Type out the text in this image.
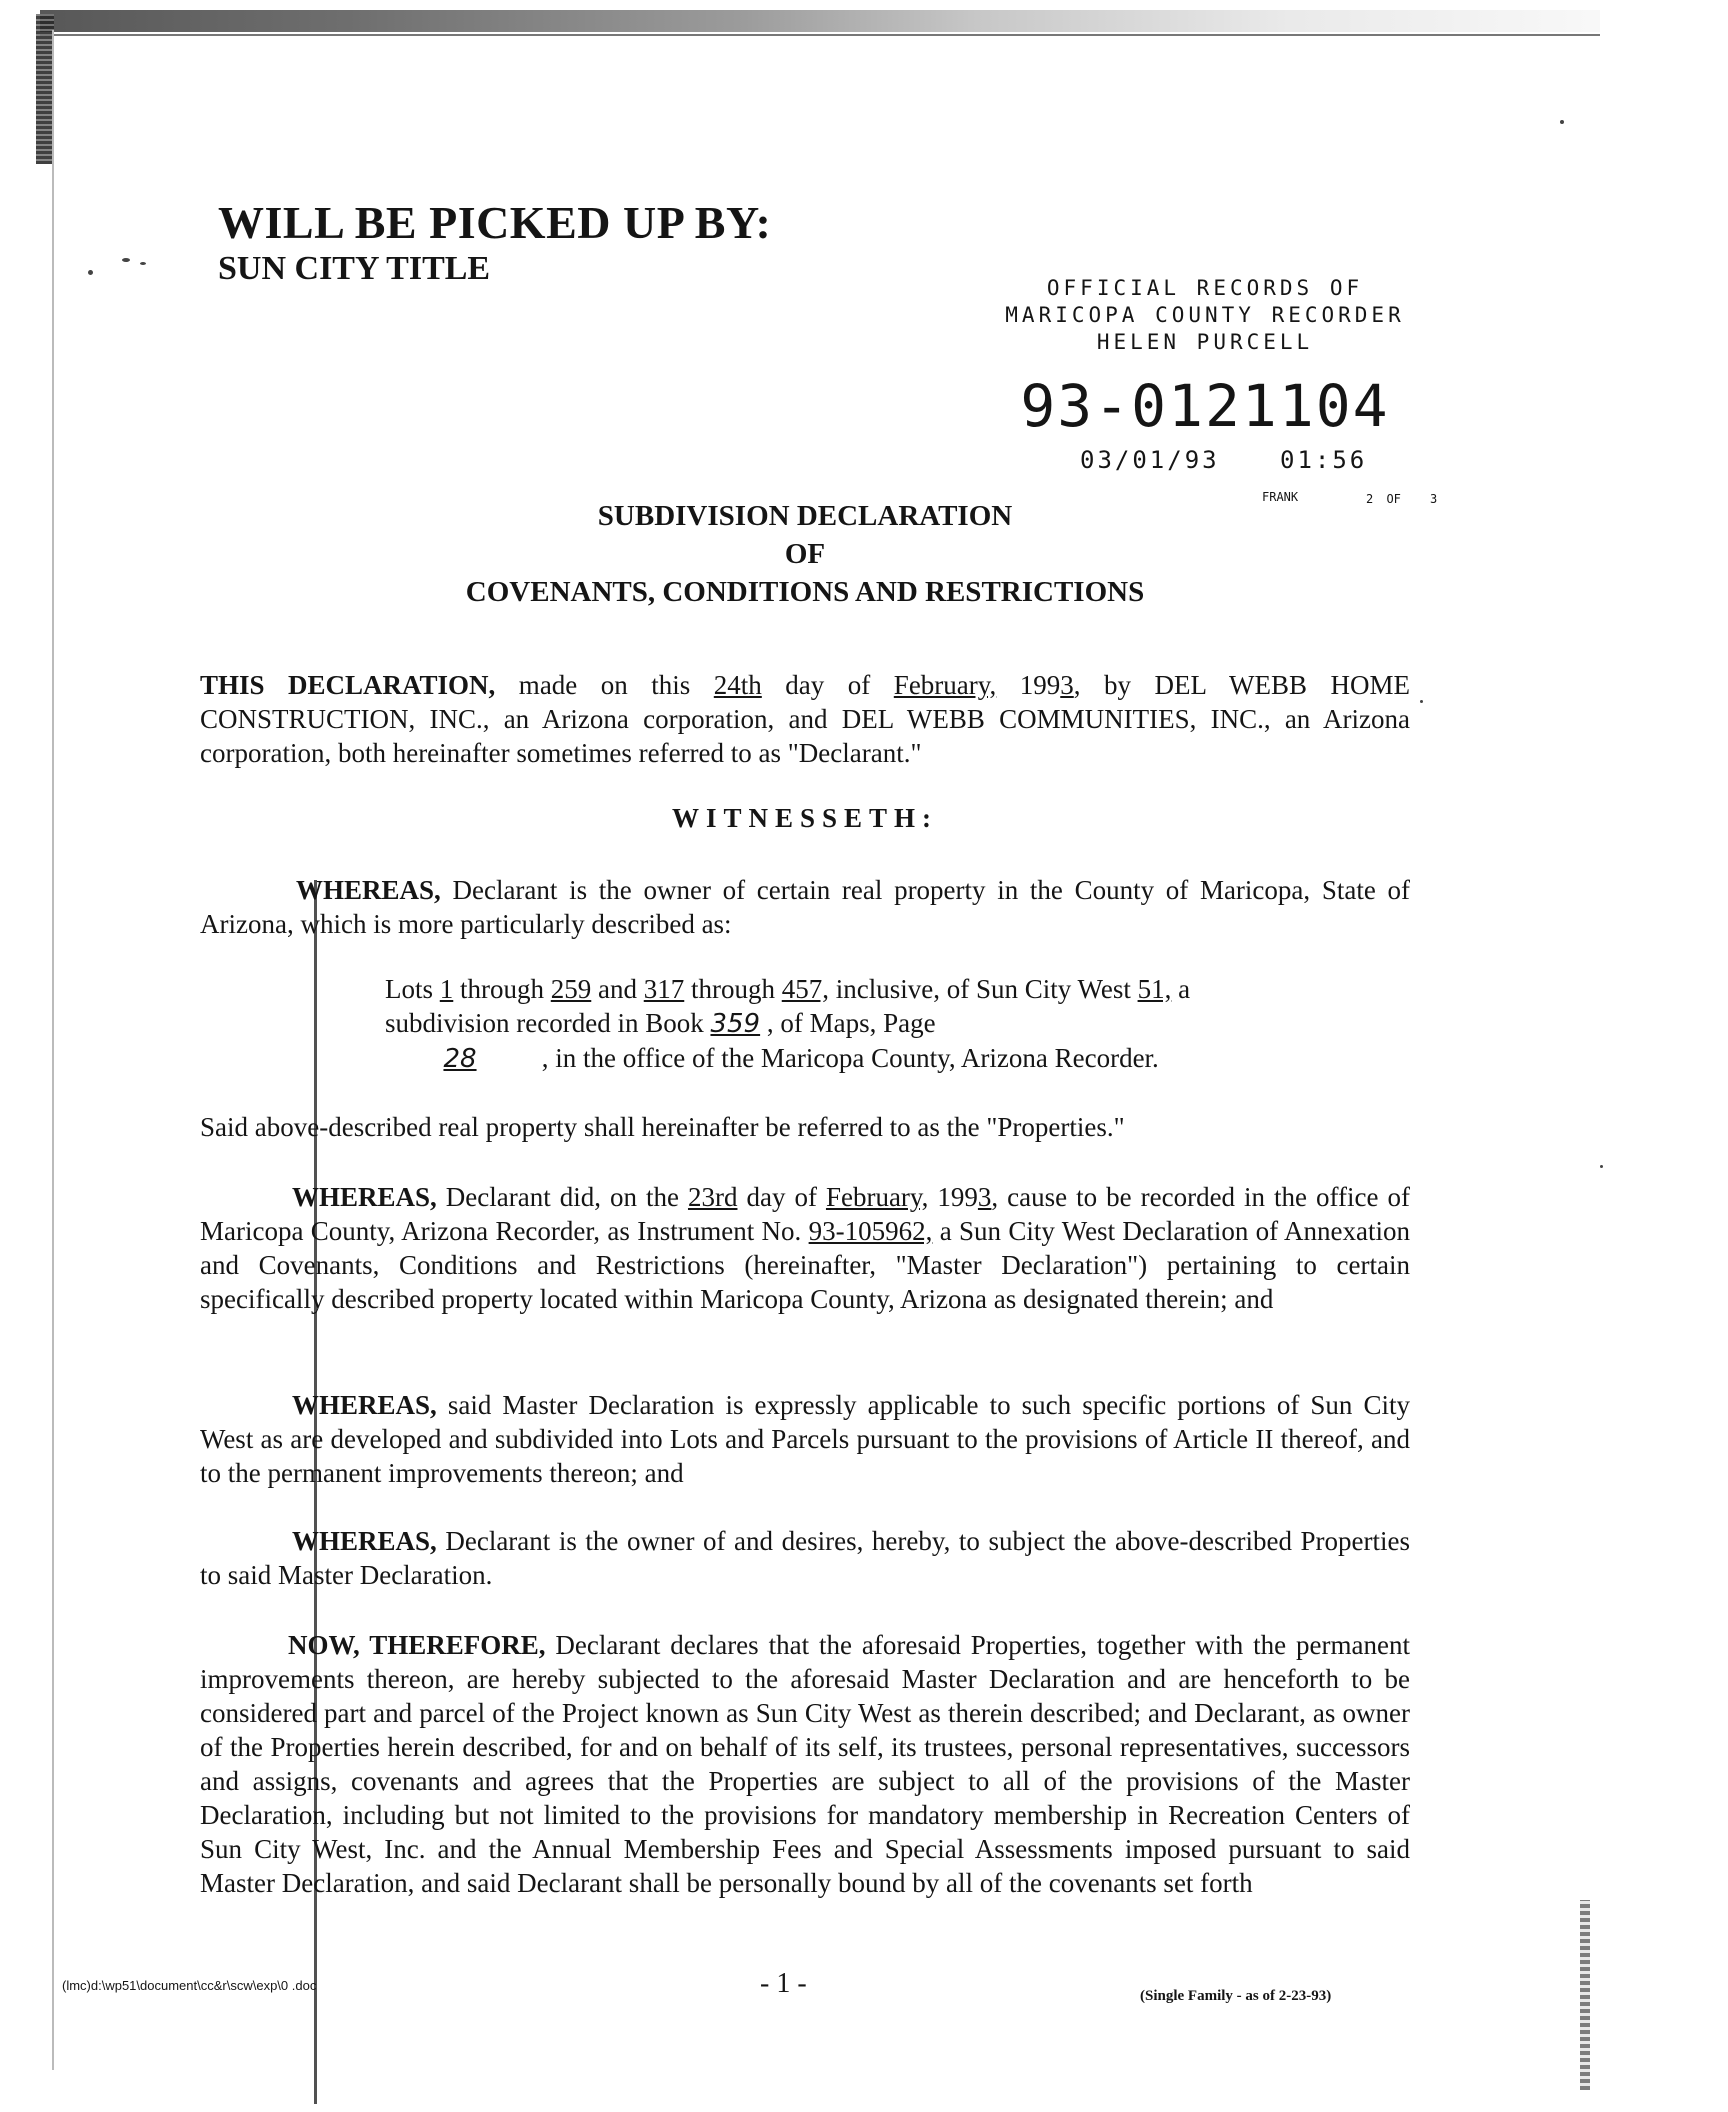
WILL BE PICKED UP BY:
SUN CITY TITLE
OFFICIAL RECORDS OF
MARICOPA COUNTY RECORDER
HELEN PURCELL
93-0121104
03/01/93	01:56
FRANK	2 OF 3
SUBDIVISION DECLARATION
OF
COVENANTS, CONDITIONS AND RESTRICTIONS
THIS DECLARATION, made on this 24th day of February, 1993, by DEL WEBB HOME CONSTRUCTION, INC., an Arizona corporation, and DEL WEBB COMMUNITIES, INC., an Arizona corporation, both hereinafter sometimes referred to as "Declarant."
WITNESSETH:
WHEREAS, Declarant is the owner of certain real property in the County of Maricopa, State of Arizona, which is more particularly described as:
Lots 1 through 259 and 317 through 457, inclusive, of Sun City West 51, a subdivision recorded in Book 359 , of Maps, Page
28 , in the office of the Maricopa County, Arizona Recorder.
Said above-described real property shall hereinafter be referred to as the "Properties."
WHEREAS, Declarant did, on the 23rd day of February, 1993, cause to be recorded in the office of Maricopa County, Arizona Recorder, as Instrument No. 93-105962, a Sun City West Declaration of Annexation and Covenants, Conditions and Restrictions (hereinafter, "Master Declaration") pertaining to certain specifically described property located within Maricopa County, Arizona as designated therein; and
WHEREAS, said Master Declaration is expressly applicable to such specific portions of Sun City West as are developed and subdivided into Lots and Parcels pursuant to the provisions of Article II thereof, and to the permanent improvements thereon; and
WHEREAS, Declarant is the owner of and desires, hereby, to subject the above-described Properties to said Master Declaration.
NOW, THEREFORE, Declarant declares that the aforesaid Properties, together with the permanent improvements thereon, are hereby subjected to the aforesaid Master Declaration and are henceforth to be considered part and parcel of the Project known as Sun City West as therein described; and Declarant, as owner of the Properties herein described, for and on behalf of its self, its trustees, personal representatives, successors and assigns, covenants and agrees that the Properties are subject to all of the provisions of the Master Declaration, including but not limited to the provisions for mandatory membership in Recreation Centers of Sun City West, Inc. and the Annual Membership Fees and Special Assessments imposed pursuant to said Master Declaration, and said Declarant shall be personally bound by all of the covenants set forth
(lmc)d:\wp51\document\cc&r\scw\exp\0 .doc	- 1 -	(Single Family - as of 2-23-93)
